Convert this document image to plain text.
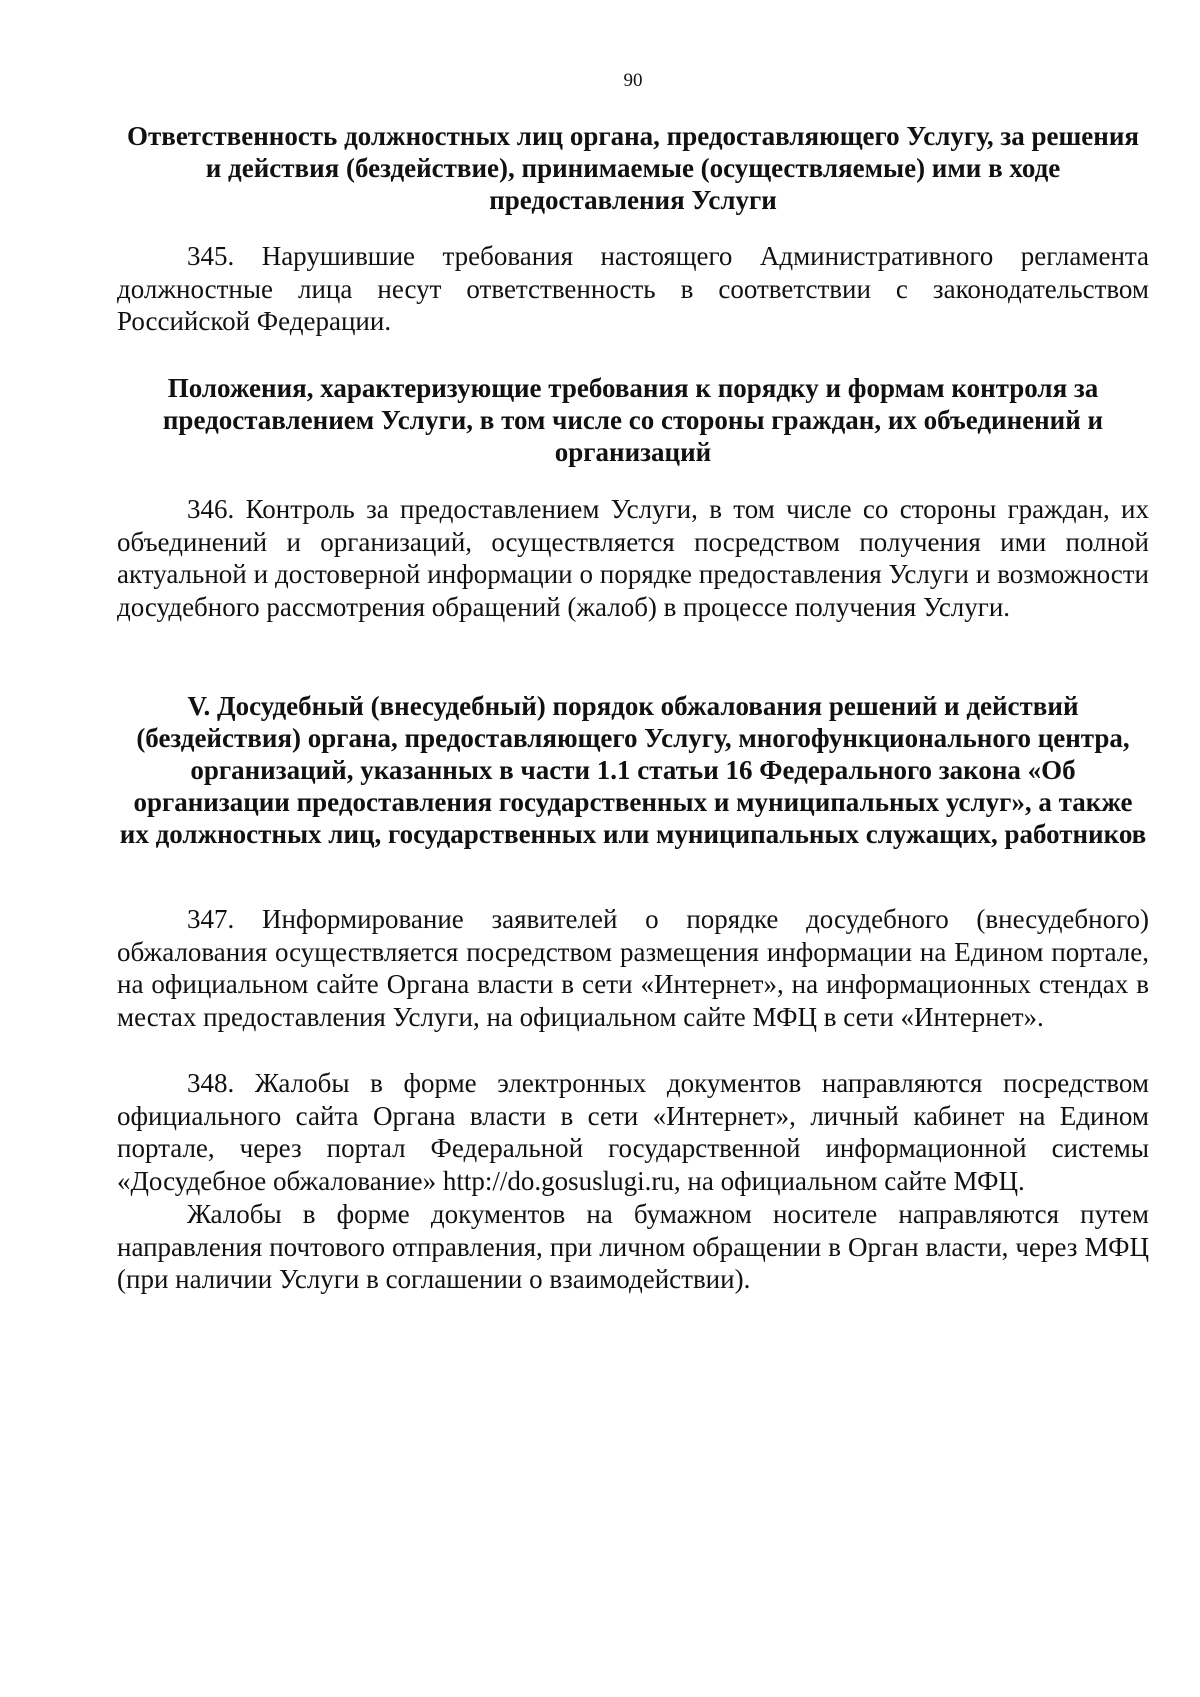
90
Ответственность должностных лиц органа, предоставляющего Услугу, за решения и действия (бездействие), принимаемые (осуществляемые) ими в ходе предоставления Услуги

345. Нарушившие требования настоящего Административного регламента должностные лица несут ответственность в соответствии с законодательством Российской Федерации.

Положения, характеризующие требования к порядку и формам контроля за предоставлением Услуги, в том числе со стороны граждан, их объединений и организаций

346. Контроль за предоставлением Услуги, в том числе со стороны граждан, их объединений и организаций, осуществляется посредством получения ими полной актуальной и достоверной информации о порядке предоставления Услуги и возможности досудебного рассмотрения обращений (жалоб) в процессе получения Услуги.

V. Досудебный (внесудебный) порядок обжалования решений и действий (бездействия) органа, предоставляющего Услугу, многофункционального центра, организаций, указанных в части 1.1 статьи 16 Федерального закона «Об организации предоставления государственных и муниципальных услуг», а также их должностных лиц, государственных или муниципальных служащих, работников

347. Информирование заявителей о порядке досудебного (внесудебного) обжалования осуществляется посредством размещения информации на Едином портале, на официальном сайте Органа власти в сети «Интернет», на информационных стендах в местах предоставления Услуги, на официальном сайте МФЦ в сети «Интернет».

348. Жалобы в форме электронных документов направляются посредством официального сайта Органа власти в сети «Интернет», личный кабинет на Едином портале, через портал Федеральной государственной информационной системы «Досудебное обжалование» http://do.gosuslugi.ru, на официальном сайте МФЦ.

Жалобы в форме документов на бумажном носителе направляются путем направления почтового отправления, при личном обращении в Орган власти, через МФЦ (при наличии Услуги в соглашении о взаимодействии).
